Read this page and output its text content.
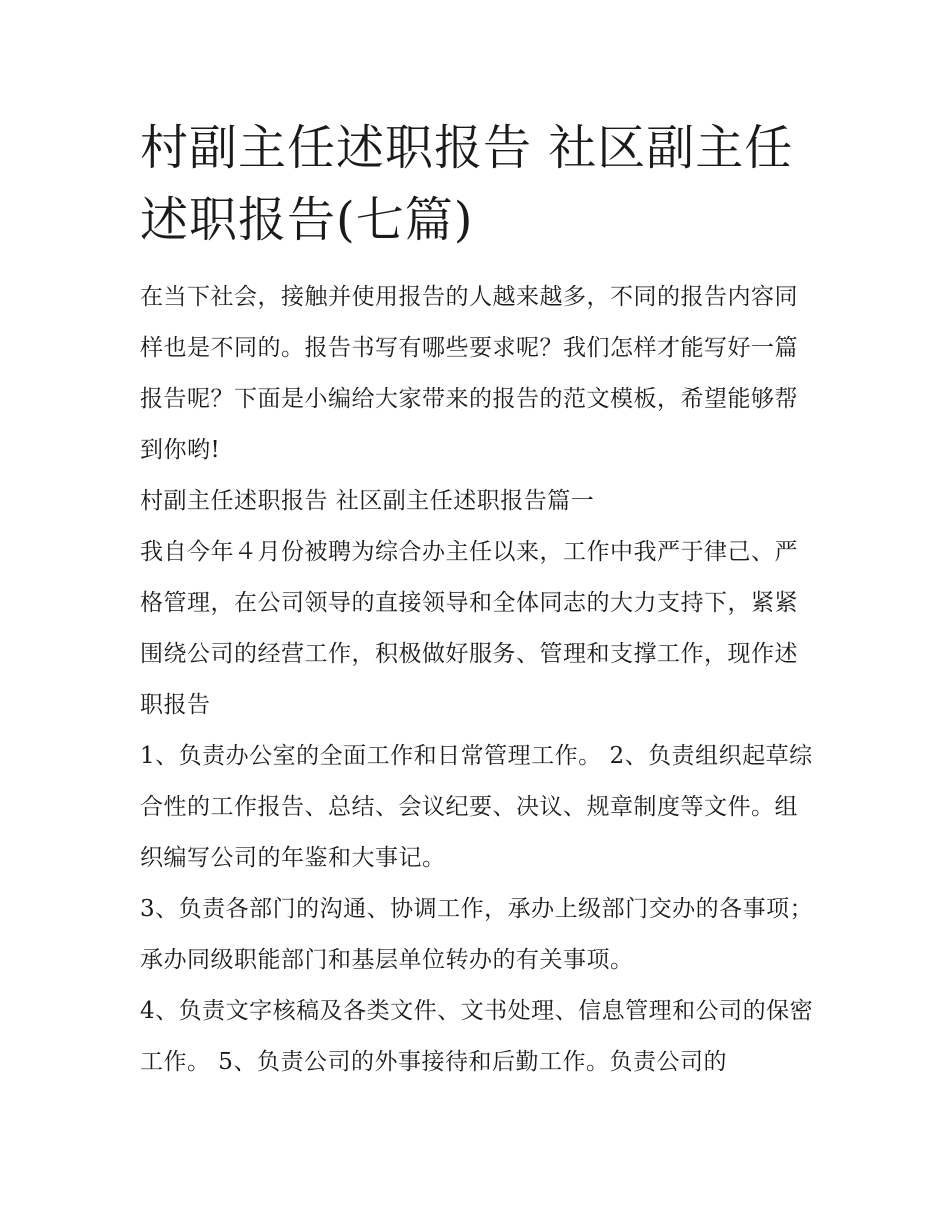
村副主任述职报告 社区副主任述职报告(七篇)

在当下社会，接触并使用报告的人越来越多，不同的报告内容同样也是不同的。报告书写有哪些要求呢？我们怎样才能写好一篇报告呢？下面是小编给大家带来的报告的范文模板，希望能够帮到你哟!

村副主任述职报告 社区副主任述职报告篇一

我自今年４月份被聘为综合办主任以来，工作中我严于律己、严格管理，在公司领导的直接领导和全体同志的大力支持下，紧紧围绕公司的经营工作，积极做好服务、管理和支撑工作，现作述职报告

1、负责办公室的全面工作和日常管理工作。 2、负责组织起草综合性的工作报告、总结、会议纪要、决议、规章制度等文件。组织编写公司的年鉴和大事记。

3、负责各部门的沟通、协调工作，承办上级部门交办的各事项；承办同级职能部门和基层单位转办的有关事项。

4、负责文字核稿及各类文件、文书处理、信息管理和公司的保密工作。 5、负责公司的外事接待和后勤工作。负责公司的
